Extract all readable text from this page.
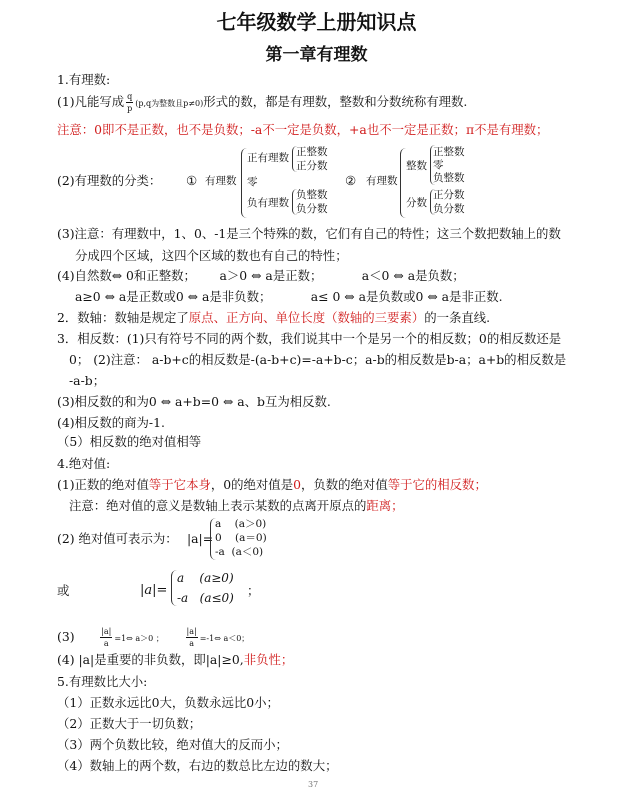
七年级数学上册知识点
第一章有理数
1.有理数:
(1)凡能写成 $\frac{q}{p} (p,q$为整数且p≠0)形式的数，都是有理数，整数和分数统称有理数.
注意：0即不是正数，也不是负数；-a不一定是负数，+a也不一定是正数；π不是有理数；
(2)有理数的分类： ① 有理数
正有理数 正整数
正分数
零
负有理数
负整数
负分数
② 有理数
整数
正整数
零
负整数
分数
正分数
负分数
(3)注意：有理数中，1、0、-1是三个特殊的数，它们有自己的特性；这三个数把数轴上的数
分成四个区域，这四个区域的数也有自己的特性；
(4)自然数⇔ 0和正整数；      a＞0 ⇔ a是正数；          a＜0 ⇔ a是负数；
a≥0 ⇔ a是正数或0 ⇔ a是非负数；          a≤ 0 ⇔ a是负数或0 ⇔ a是非正数.
2．数轴：数轴是规定了原点、正方向、单位长度（数轴的三要素）的一条直线.
3．相反数：(1)只有符号不同的两个数，我们说其中一个是另一个的相反数；0的相反数还是
0； (2)注意： a-b+c的相反数是-(a-b+c)=-a+b-c；a-b的相反数是b-a；a+b的相反数是
-a-b；
(3)相反数的和为0 ⇔ a+b=0 ⇔ a、b互为相反数.
(4)相反数的商为-1.
（5）相反数的绝对值相等
4.绝对值:
(1)正数的绝对值等于它本身，0的绝对值是0，负数的绝对值等于它的相反数；
注意：绝对值的意义是数轴上表示某数的点离开原点的距离；
(2) 绝对值可表示为： |a|=
a    (a＞0)
0    (a＝0)
-a  (a＜0)
或	|a|=
a    (a≥0)
-a   (a≤0) ；
(3)	$\frac{|a|}{a}$ =1⇔ a＞0 ；	$\frac{|a|}{a}$ =-1⇔ a＜0；
(4) |a|是重要的非负数，即|a|≥0,非负性；
5.有理数比大小:
（1）正数永远比0大，负数永远比0小；
（2）正数大于一切负数；
（3）两个负数比较，绝对值大的反而小；
（4）数轴上的两个数，右边的数总比左边的数大；
37
